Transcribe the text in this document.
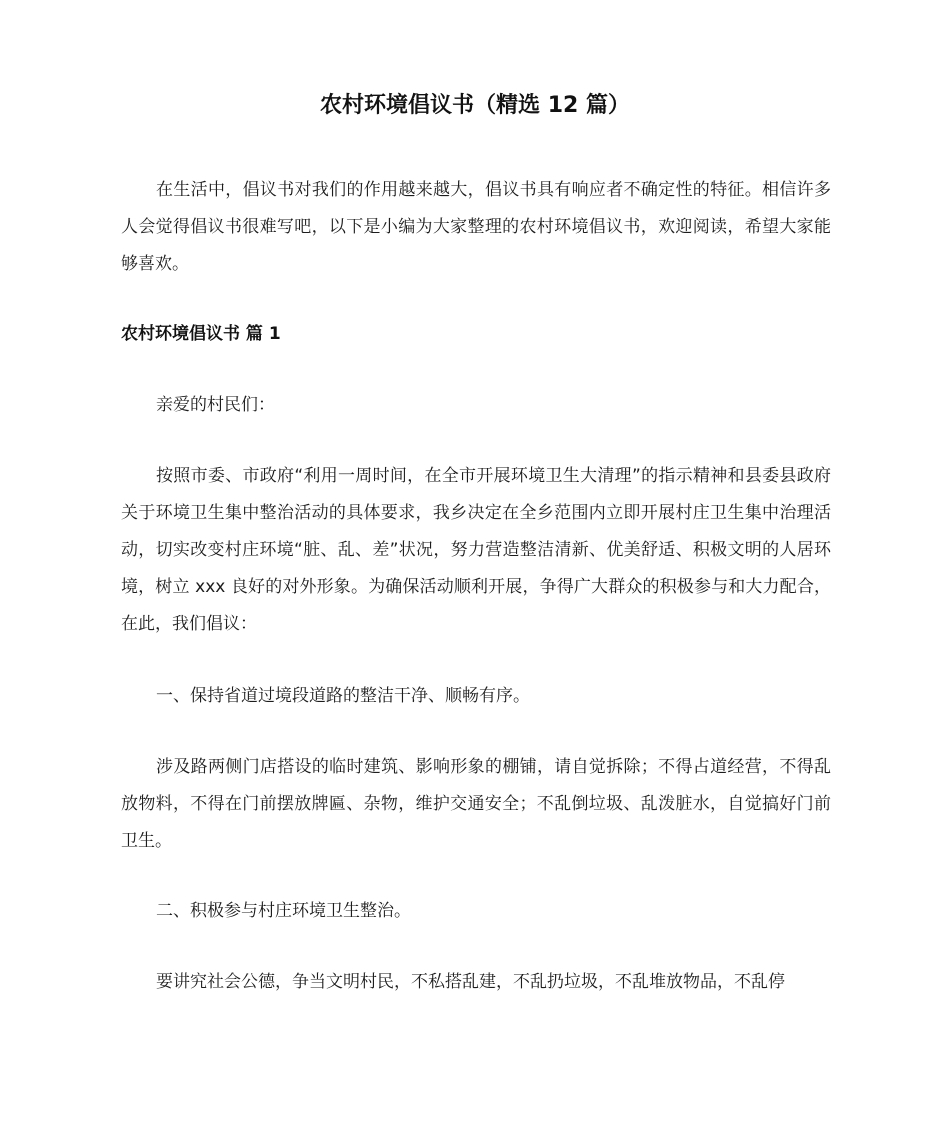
农村环境倡议书（精选 12 篇）
在生活中，倡议书对我们的作用越来越大，倡议书具有响应者不确定性的特征。相信许多人会觉得倡议书很难写吧，以下是小编为大家整理的农村环境倡议书，欢迎阅读，希望大家能够喜欢。
农村环境倡议书 篇 1
亲爱的村民们：
按照市委、市政府“利用一周时间，在全市开展环境卫生大清理”的指示精神和县委县政府关于环境卫生集中整治活动的具体要求，我乡决定在全乡范围内立即开展村庄卫生集中治理活动，切实改变村庄环境“脏、乱、差”状况，努力营造整洁清新、优美舒适、积极文明的人居环境，树立 xxx 良好的对外形象。为确保活动顺利开展，争得广大群众的积极参与和大力配合，在此，我们倡议：
一、保持省道过境段道路的整洁干净、顺畅有序。
涉及路两侧门店搭设的临时建筑、影响形象的棚铺，请自觉拆除；不得占道经营，不得乱放物料，不得在门前摆放牌匾、杂物，维护交通安全；不乱倒垃圾、乱泼脏水，自觉搞好门前卫生。
二、积极参与村庄环境卫生整治。
要讲究社会公德，争当文明村民，不私搭乱建，不乱扔垃圾，不乱堆放物品，不乱停
